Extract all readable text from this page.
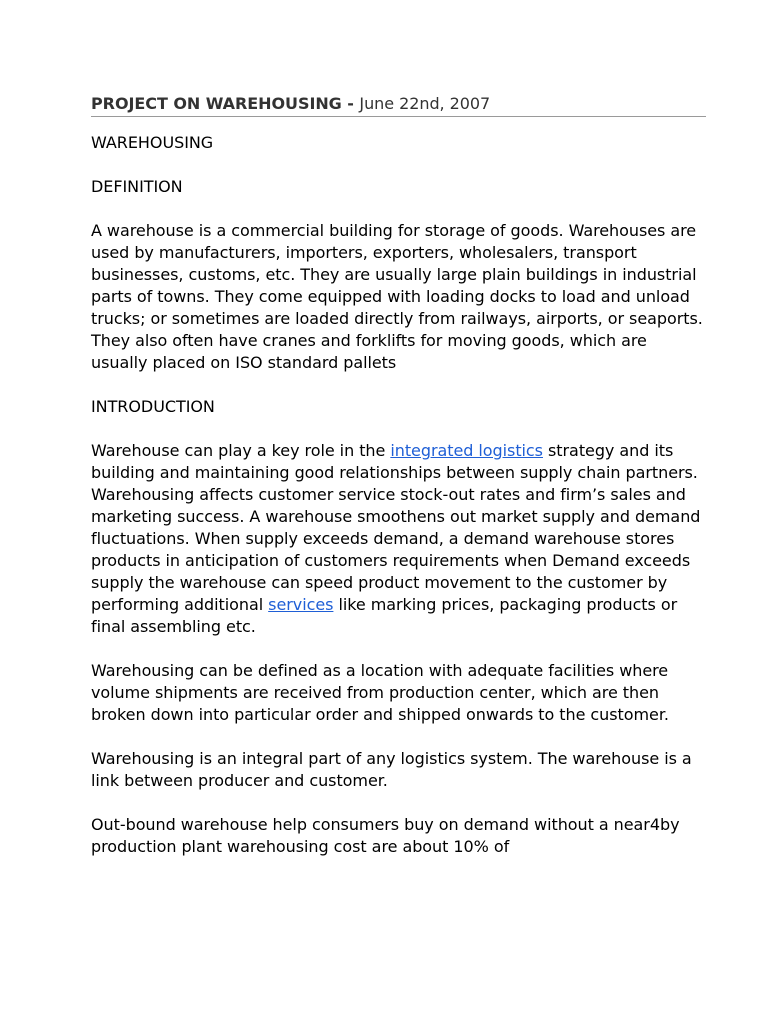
PROJECT ON WAREHOUSING - June 22nd, 2007
WAREHOUSING
DEFINITION

A warehouse is a commercial building for storage of goods. Warehouses are used by manufacturers, importers, exporters, wholesalers, transport businesses, customs, etc. They are usually large plain buildings in industrial parts of towns. They come equipped with loading docks to load and unload trucks; or sometimes are loaded directly from railways, airports, or seaports. They also often have cranes and forklifts for moving goods, which are usually placed on ISO standard pallets

INTRODUCTION

Warehouse can play a key role in the integrated logistics strategy and its building and maintaining good relationships between supply chain partners. Warehousing affects customer service stock-out rates and firm’s sales and marketing success. A warehouse smoothens out market supply and demand fluctuations. When supply exceeds demand, a demand warehouse stores products in anticipation of customers requirements when Demand exceeds supply the warehouse can speed product movement to the customer by performing additional services like marking prices, packaging products or final assembling etc.

Warehousing can be defined as a location with adequate facilities where volume shipments are received from production center, which are then broken down into particular order and shipped onwards to the customer.

Warehousing is an integral part of any logistics system. The warehouse is a link between producer and customer.

Out-bound warehouse help consumers buy on demand without a near4by production plant warehousing cost are about 10% of
